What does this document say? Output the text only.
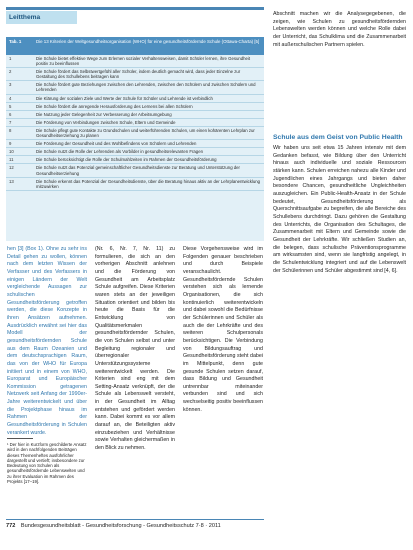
Leitthema
Tab. 1	Die 13 Kriterien der Weltgesundheitsorganisation (WHO) für eine gesundheitsfördernde Schule (Ottawa-Charta) [5]
1	Die Schule bietet effektive Wege zum Erlernen sozialer Verhaltensweisen, damit Schüler lernen, ihre Gesundheit positiv zu beeinflussen
2	Die Schule fördert das Selbstwertgefühl aller Schüler, indem deutlich gemacht wird, dass jeder Einzelne zur Gestaltung des Schullebens beitragen kann
3	Die Schule fördert gute Beziehungen zwischen den Lehrenden, zwischen den Schülern und zwischen Schülern und Lehrenden
4	Die Klärung der sozialen Ziele und Werte der Schule für Schüler und Lehrende ist verbindlich
5	Die Schule fördert die anregende Herausforderung des Lernens bei allen Schülern
6	Die Nutzung jeder Gelegenheit zur Verbesserung der Arbeitsumgebung
7	Die Förderung von Verbindungen zwischen Schule, Eltern und Gemeinde
8	Die Schule pflegt gute Kontakte zu Grundschulen und weiterführenden Schulen, um einen kohärenten Lehrplan zur Gesundheitserziehung zu planen
9	Die Förderung der Gesundheit und des Wohlbefindens von Schülern und Lehrenden
10	Die Schule nutzt die Rolle der Lehrenden als Vorbilder in gesundheitsrelevanten Fragen
11	Die Schule berücksichtigt die Rolle der Schulmahlzeiten im Rahmen der Gesundheitsförderung
12	Die Schule nutzt das Potenzial gemeinschaftlicher Gesundheitsdienste zur Beratung und Unterstützung der Gesundheitserziehung
13	Die Schule erkennt das Potenzial der Gesundheitsdienste, über die Beratung hinaus aktiv an der Lehrplanentwicklung mitzuwirken

hen [3] (Box 1). Ohne zu sehr ins Detail gehen zu wollen, können nach dem letzten Wissen der Verfasser und des Verfassers in einigen Ländern der Welt vergleichende Aussagen zur schulischen Gesundheitsförderung getroffen werden, die diese Konzepte in ihren Ansätzen aufnehmen. Ausdrücklich erwähnt sei hier das Modell der gesundheitsfördernden Schule aus dem Raum Ozeanien und dem deutschsprachigen Raum, das von der WHO für Europa initiiert und in einem von WHO, Europarat und Europäischer Kommission getragenen Netzwerk seit Anfang der 1990er-Jahre weiterentwickelt und über die Projektphase hinaus im Rahmen der Gesundheitsförderung in Schulen verankert wurde.

¹ Der hier in Kurzform geschilderte Ansatz wird in den nachfolgenden Beiträgen dieses Themenheftes ausführlicher dargestellt und vertieft; insbesondere zur Bedeutung von Schulen als gesundheitsfördernde Lebenswelten und zu ihrer Evaluation im Rahmen des Projekts [17–19].

(Nr. 6, Nr. 7, Nr. 11) zu formulieren, die sich an den vorherigen Abschnitt anlehnen und die Förderung von Gesundheit am Arbeitsplatz Schule aufgreifen. Diese Kriterien waren stets an der jeweiligen Situation orientiert und bilden bis heute die Basis für die Entwicklung von Qualitätsmerkmalen gesundheitsfördernder Schulen, die von Schulen selbst und unter Begleitung regionaler und überregionaler Unterstützungssysteme weiterentwickelt werden. Die Kriterien sind eng mit dem Setting-Ansatz verknüpft, der die Schule als Lebenswelt versteht, in der Gesundheit im Alltag entstehen und gefördert werden kann. Dabei kommt es vor allem darauf an, die Beteiligten aktiv einzubeziehen und Verhältnisse sowie Verhalten gleichermaßen in den Blick zu nehmen.

Diese Vorgehensweise wird im Folgenden genauer beschrieben und durch Beispiele veranschaulicht. Gesundheitsfördernde Schulen verstehen sich als lernende Organisationen, die sich kontinuierlich weiterentwickeln und dabei sowohl die Bedürfnisse der Schülerinnen und Schüler als auch die der Lehrkräfte und des weiteren Schulpersonals berücksichtigen. Die Verbindung von Bildungsauftrag und Gesundheitsförderung steht dabei im Mittelpunkt, denn gute gesunde Schulen setzen darauf, dass Bildung und Gesundheit untrennbar miteinander verbunden sind und sich wechselseitig positiv beeinflussen können.

Abschnitt machen wir die Analysegegebenen, die zeigen, wie Schulen zu gesundheitsfördernden Lebenswelten werden können und welche Rolle dabei der Unterricht, das Schulklima und die Zusammenarbeit mit außerschulischen Partnern spielen.

Schule aus dem Geist von Public Health

Wir haben uns seit etwa 15 Jahren intensiv mit dem Gedanken befasst, wie Bildung über den Unterricht hinaus auch individuelle und soziale Ressourcen stärken kann. Schulen erreichen nahezu alle Kinder und Jugendlichen eines Jahrgangs und bieten daher besondere Chancen, gesundheitliche Ungleichheiten auszugleichen. Ein Public-Health-Ansatz in der Schule bedeutet, Gesundheitsförderung als Querschnittsaufgabe zu begreifen, die alle Bereiche des Schullebens durchdringt. Dazu gehören die Gestaltung des Unterrichts, die Organisation des Schultages, die Zusammenarbeit mit Eltern und Gemeinde sowie die Gesundheit der Lehrkräfte. Wir schließen Studien an, die belegen, dass schulische Präventionsprogramme am wirksamsten sind, wenn sie langfristig angelegt, in die Schulentwicklung integriert und auf die Lebenswelt der Schülerinnen und Schüler abgestimmt sind [4, 6].

772 Bundesgesundheitsblatt - Gesundheitsforschung - Gesundheitsschutz 7·8 · 2011
